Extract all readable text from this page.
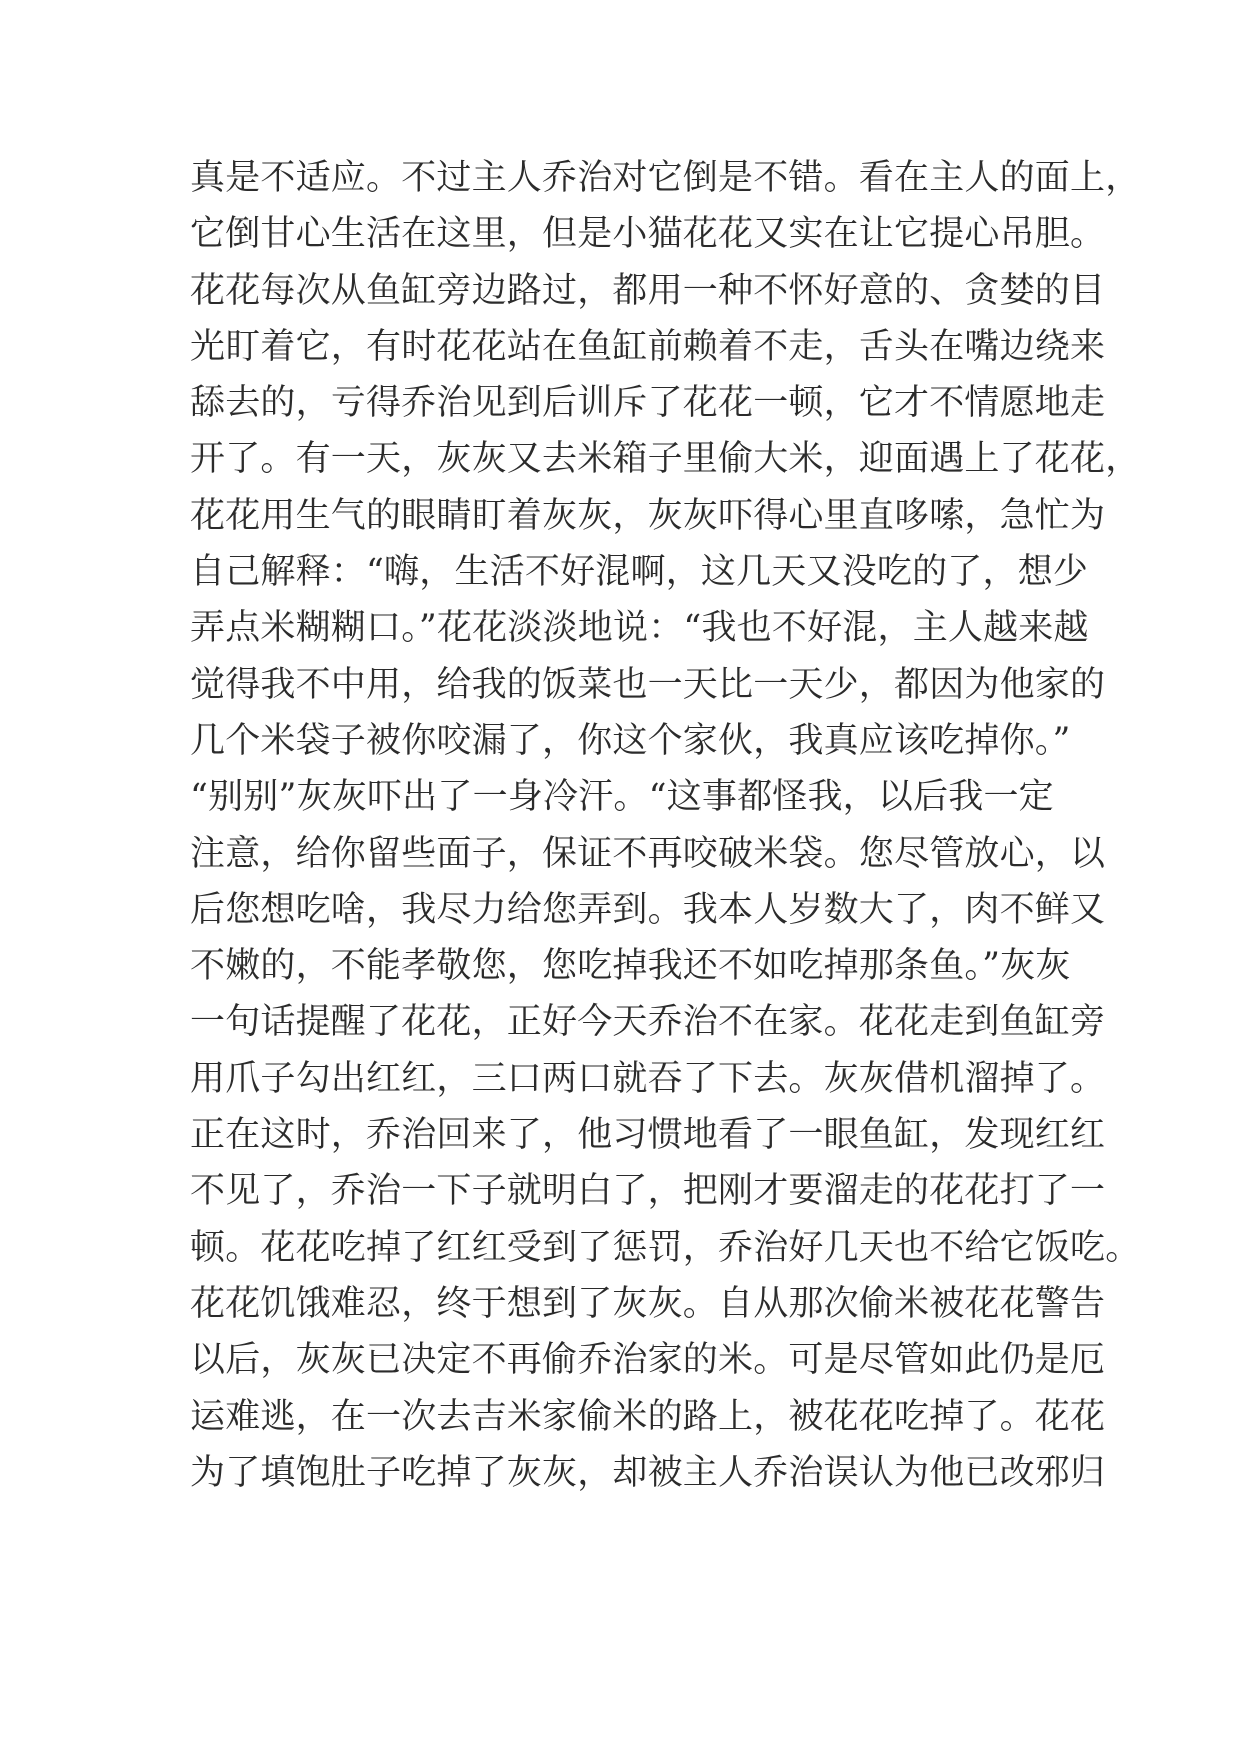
真是不适应。不过主人乔治对它倒是不错。看在主人的面上，
它倒甘心生活在这里，但是小猫花花又实在让它提心吊胆。
花花每次从鱼缸旁边路过，都用一种不怀好意的、贪婪的目
光盯着它，有时花花站在鱼缸前赖着不走，舌头在嘴边绕来
舔去的，亏得乔治见到后训斥了花花一顿，它才不情愿地走
开了。有一天，灰灰又去米箱子里偷大米，迎面遇上了花花，
花花用生气的眼睛盯着灰灰，灰灰吓得心里直哆嗦，急忙为
自己解释：“嗨，生活不好混啊，这几天又没吃的了，想少
弄点米糊糊口。”花花淡淡地说：“我也不好混，主人越来越
觉得我不中用，给我的饭菜也一天比一天少，都因为他家的
几个米袋子被你咬漏了，你这个家伙，我真应该吃掉你。”
“别别”灰灰吓出了一身冷汗。“这事都怪我，以后我一定
注意，给你留些面子，保证不再咬破米袋。您尽管放心，以
后您想吃啥，我尽力给您弄到。我本人岁数大了，肉不鲜又
不嫩的，不能孝敬您，您吃掉我还不如吃掉那条鱼。”灰灰
一句话提醒了花花，正好今天乔治不在家。花花走到鱼缸旁
用爪子勾出红红，三口两口就吞了下去。灰灰借机溜掉了。
正在这时，乔治回来了，他习惯地看了一眼鱼缸，发现红红
不见了，乔治一下子就明白了，把刚才要溜走的花花打了一
顿。花花吃掉了红红受到了惩罚，乔治好几天也不给它饭吃。
花花饥饿难忍，终于想到了灰灰。自从那次偷米被花花警告
以后，灰灰已决定不再偷乔治家的米。可是尽管如此仍是厄
运难逃，在一次去吉米家偷米的路上，被花花吃掉了。花花
为了填饱肚子吃掉了灰灰，却被主人乔治误认为他已改邪归
